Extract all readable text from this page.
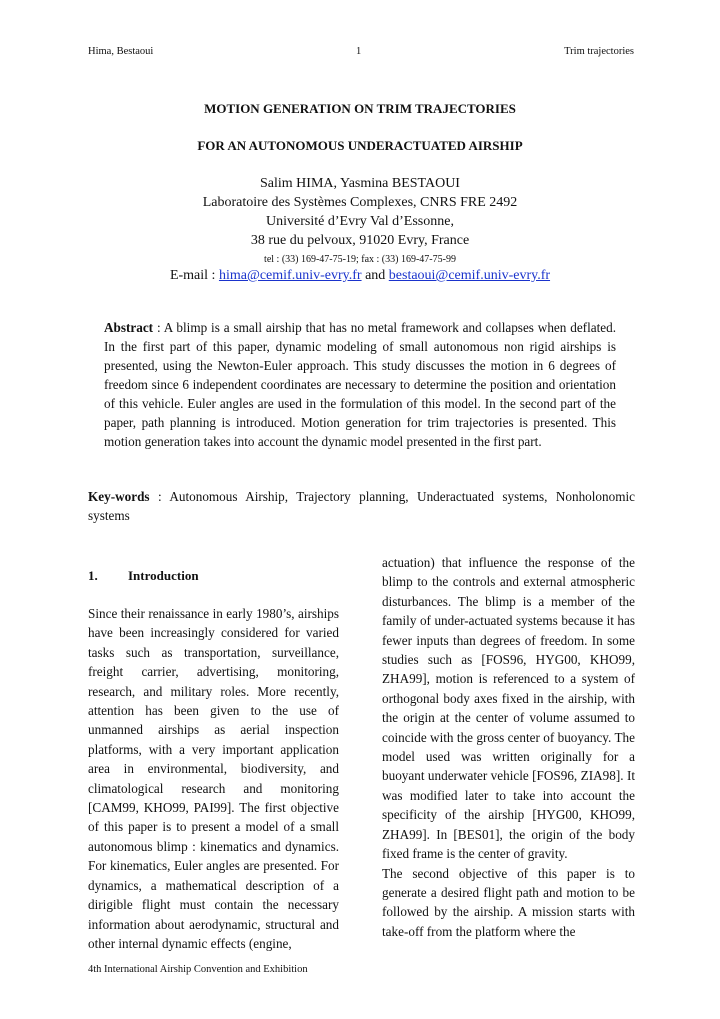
Hima, Bestaoui	1	Trim trajectories
MOTION GENERATION ON TRIM TRAJECTORIES
FOR AN AUTONOMOUS UNDERACTUATED AIRSHIP
Salim HIMA, Yasmina BESTAOUI
Laboratoire des Systèmes Complexes, CNRS FRE 2492
Université d’Evry Val d’Essonne,
38 rue du pelvoux, 91020 Evry, France
tel : (33) 169-47-75-19; fax : (33) 169-47-75-99
E-mail : hima@cemif.univ-evry.fr and bestaoui@cemif.univ-evry.fr
Abstract : A blimp is a small airship that has no metal framework and collapses when deflated. In the first part of this paper, dynamic modeling of small autonomous non rigid airships is presented, using the Newton-Euler approach. This study discusses the motion in 6 degrees of freedom since 6 independent coordinates are necessary to determine the position and orientation of this vehicle. Euler angles are used in the formulation of this model. In the second part of the paper, path planning is introduced. Motion generation for trim trajectories is presented. This motion generation takes into account the dynamic model presented in the first part.
Key-words : Autonomous Airship, Trajectory planning, Underactuated systems, Nonholonomic systems
1. Introduction

Since their renaissance in early 1980’s, airships have been increasingly considered for varied tasks such as transportation, surveillance, freight carrier, advertising, monitoring, research, and military roles. More recently, attention has been given to the use of unmanned airships as aerial inspection platforms, with a very important application area in environmental, biodiversity, and climatological research and monitoring [CAM99, KHO99, PAI99]. The first objective of this paper is to present a model of a small autonomous blimp : kinematics and dynamics. For kinematics, Euler angles are presented. For dynamics, a mathematical description of a dirigible flight must contain the necessary information about aerodynamic, structural and other internal dynamic effects (engine,

actuation) that influence the response of the blimp to the controls and external atmospheric disturbances. The blimp is a member of the family of under-actuated systems because it has fewer inputs than degrees of freedom. In some studies such as [FOS96, HYG00, KHO99, ZHA99], motion is referenced to a system of orthogonal body axes fixed in the airship, with the origin at the center of volume assumed to coincide with the gross center of buoyancy. The model used was written originally for a buoyant underwater vehicle [FOS96, ZIA98]. It was modified later to take into account the specificity of the airship [HYG00, KHO99, ZHA99]. In [BES01], the origin of the body fixed frame is the center of gravity.

The second objective of this paper is to generate a desired flight path and motion to be followed by the airship. A mission starts with take-off from the platform where the

4th International Airship Convention and Exhibition
